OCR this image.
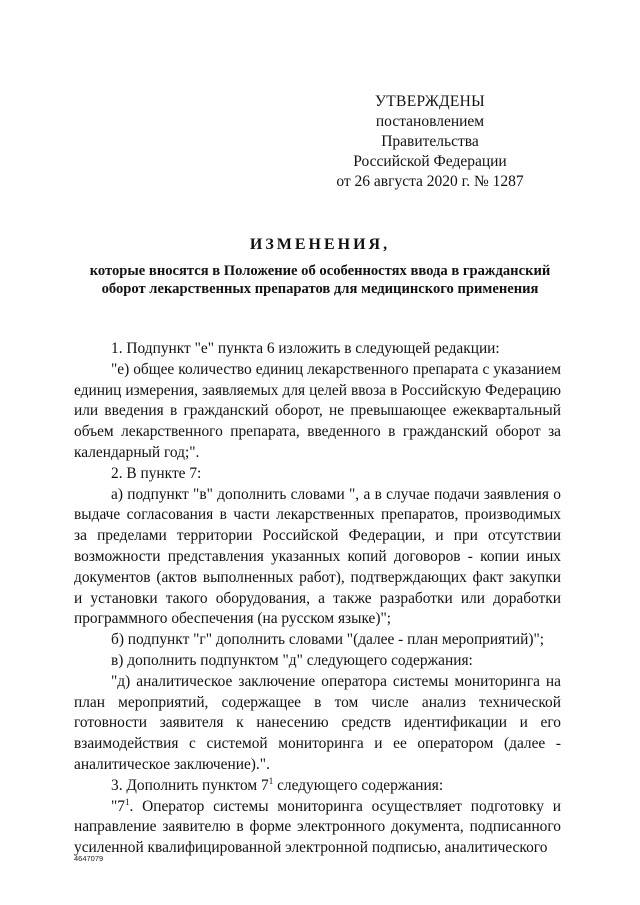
УТВЕРЖДЕНЫ
постановлением Правительства
Российской Федерации
от 26 августа 2020 г. № 1287
ИЗМЕНЕНИЯ,
которые вносятся в Положение об особенностях ввода в гражданский
оборот лекарственных препаратов для медицинского применения

1. Подпункт "е" пункта 6 изложить в следующей редакции:

"е) общее количество единиц лекарственного препарата с указанием единиц измерения, заявляемых для целей ввоза в Российскую Федерацию или введения в гражданский оборот, не превышающее ежеквартальный объем лекарственного препарата, введенного в гражданский оборот за календарный год;".

2. В пункте 7:

а) подпункт "в" дополнить словами ", а в случае подачи заявления о выдаче согласования в части лекарственных препаратов, производимых за пределами территории Российской Федерации, и при отсутствии возможности представления указанных копий договоров - копии иных документов (актов выполненных работ), подтверждающих факт закупки и установки такого оборудования, а также разработки или доработки программного обеспечения (на русском языке)";

б) подпункт "г" дополнить словами "(далее - план мероприятий)";

в) дополнить подпунктом "д" следующего содержания:

"д) аналитическое заключение оператора системы мониторинга на план мероприятий, содержащее в том числе анализ технической готовности заявителя к нанесению средств идентификации и его взаимодействия с системой мониторинга и ее оператором (далее - аналитическое заключение).".

3. Дополнить пунктом $7^1$ следующего содержания:

"$7^1$. Оператор системы мониторинга осуществляет подготовку и направление заявителю в форме электронного документа, подписанного усиленной квалифицированной электронной подписью, аналитического

4647079
